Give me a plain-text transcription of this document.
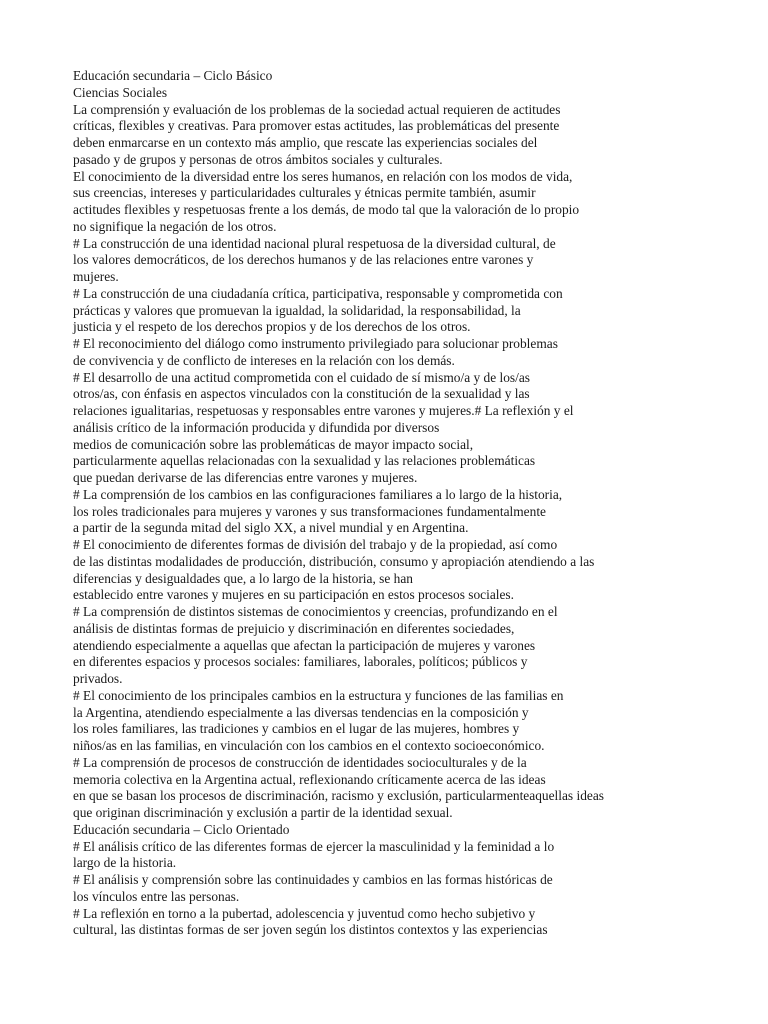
Educación secundaria – Ciclo Básico
Ciencias Sociales
La comprensión y evaluación de los problemas de la sociedad actual requieren de actitudes
críticas, flexibles y creativas. Para promover estas actitudes, las problemáticas del presente
deben enmarcarse en un contexto más amplio, que rescate las experiencias sociales del
pasado y de grupos y personas de otros ámbitos sociales y culturales.
El conocimiento de la diversidad entre los seres humanos, en relación con los modos de vida,
sus creencias, intereses y particularidades culturales y étnicas permite también, asumir
actitudes flexibles y respetuosas frente a los demás, de modo tal que la valoración de lo propio
no signifique la negación de los otros.
# La construcción de una identidad nacional plural respetuosa de la diversidad cultural, de
los valores democráticos, de los derechos humanos y de las relaciones entre varones y
mujeres.
# La construcción de una ciudadanía crítica, participativa, responsable y comprometida con
prácticas y valores que promuevan la igualdad, la solidaridad, la responsabilidad, la
justicia y el respeto de los derechos propios y de los derechos de los otros.
# El reconocimiento del diálogo como instrumento privilegiado para solucionar problemas
de convivencia y de conflicto de intereses en la relación con los demás.
# El desarrollo de una actitud comprometida con el cuidado de sí mismo/a y de los/as
otros/as, con énfasis en aspectos vinculados con la constitución de la sexualidad y las
relaciones igualitarias, respetuosas y responsables entre varones y mujeres.# La reflexión y el
análisis crítico de la información producida y difundida por diversos
medios de comunicación sobre las problemáticas de mayor impacto social,
particularmente aquellas relacionadas con la sexualidad y las relaciones problemáticas
que puedan derivarse de las diferencias entre varones y mujeres.
# La comprensión de los cambios en las configuraciones familiares a lo largo de la historia,
los roles tradicionales para mujeres y varones y sus transformaciones fundamentalmente
a partir de la segunda mitad del siglo XX, a nivel mundial y en Argentina.
# El conocimiento de diferentes formas de división del trabajo y de la propiedad, así como
de las distintas modalidades de producción, distribución, consumo y apropiación atendiendo a las
diferencias y desigualdades que, a lo largo de la historia, se han
establecido entre varones y mujeres en su participación en estos procesos sociales.
# La comprensión de distintos sistemas de conocimientos y creencias, profundizando en el
análisis de distintas formas de prejuicio y discriminación en diferentes sociedades,
atendiendo especialmente a aquellas que afectan la participación de mujeres y varones
en diferentes espacios y procesos sociales: familiares, laborales, políticos; públicos y
privados.
# El conocimiento de los principales cambios en la estructura y funciones de las familias en
la Argentina, atendiendo especialmente a las diversas tendencias en la composición y
los roles familiares, las tradiciones y cambios en el lugar de las mujeres, hombres y
niños/as en las familias, en vinculación con los cambios en el contexto socioeconómico.
# La comprensión de procesos de construcción de identidades socioculturales y de la
memoria colectiva en la Argentina actual, reflexionando críticamente acerca de las ideas
en que se basan los procesos de discriminación, racismo y exclusión, particularmenteaquellas ideas
que originan discriminación y exclusión a partir de la identidad sexual.
Educación secundaria – Ciclo Orientado
# El análisis crítico de las diferentes formas de ejercer la masculinidad y la feminidad a lo
largo de la historia.
# El análisis y comprensión sobre las continuidades y cambios en las formas históricas de
los vínculos entre las personas.
# La reflexión en torno a la pubertad, adolescencia y juventud como hecho subjetivo y
cultural, las distintas formas de ser joven según los distintos contextos y las experiencias
